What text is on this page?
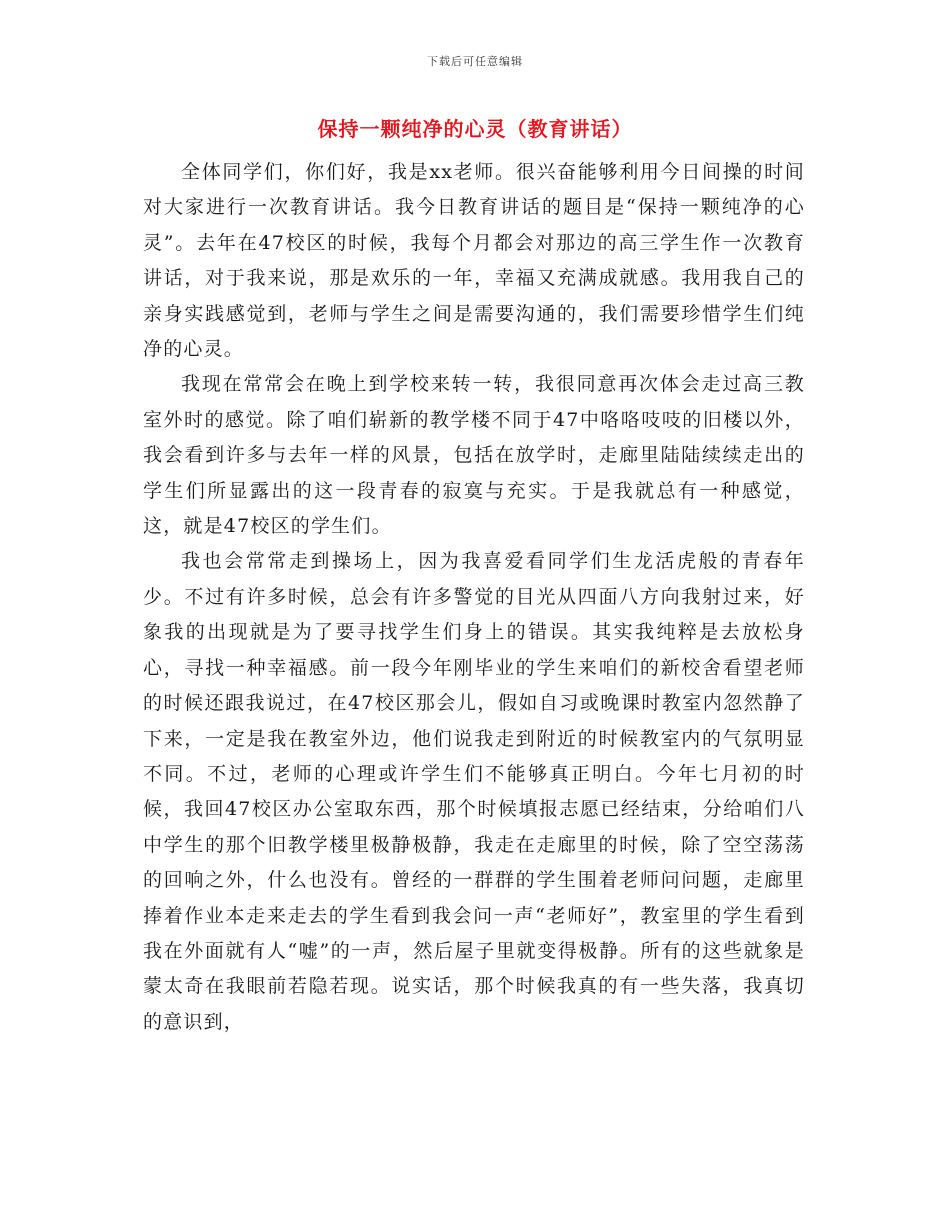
下载后可任意编辑
保持一颗纯净的心灵（教育讲话）

全体同学们，你们好，我是xx老师。很兴奋能够利用今日间操的时间对大家进行一次教育讲话。我今日教育讲话的题目是“保持一颗纯净的心灵”。去年在47校区的时候，我每个月都会对那边的高三学生作一次教育讲话，对于我来说，那是欢乐的一年，幸福又充满成就感。我用我自己的亲身实践感觉到，老师与学生之间是需要沟通的，我们需要珍惜学生们纯净的心灵。

我现在常常会在晚上到学校来转一转，我很同意再次体会走过高三教室外时的感觉。除了咱们崭新的教学楼不同于47中咯咯吱吱的旧楼以外，我会看到许多与去年一样的风景，包括在放学时，走廊里陆陆续续走出的学生们所显露出的这一段青春的寂寞与充实。于是我就总有一种感觉，这，就是47校区的学生们。

我也会常常走到操场上，因为我喜爱看同学们生龙活虎般的青春年少。不过有许多时候，总会有许多警觉的目光从四面八方向我射过来，好象我的出现就是为了要寻找学生们身上的错误。其实我纯粹是去放松身心，寻找一种幸福感。前一段今年刚毕业的学生来咱们的新校舍看望老师的时候还跟我说过，在47校区那会儿，假如自习或晚课时教室内忽然静了下来，一定是我在教室外边，他们说我走到附近的时候教室内的气氛明显不同。不过，老师的心理或许学生们不能够真正明白。今年七月初的时候，我回47校区办公室取东西，那个时候填报志愿已经结束，分给咱们八中学生的那个旧教学楼里极静极静，我走在走廊里的时候，除了空空荡荡的回响之外，什么也没有。曾经的一群群的学生围着老师问问题，走廊里捧着作业本走来走去的学生看到我会问一声“老师好”，教室里的学生看到我在外面就有人“嘘”的一声，然后屋子里就变得极静。所有的这些就象是蒙太奇在我眼前若隐若现。说实话，那个时候我真的有一些失落，我真切的意识到，
